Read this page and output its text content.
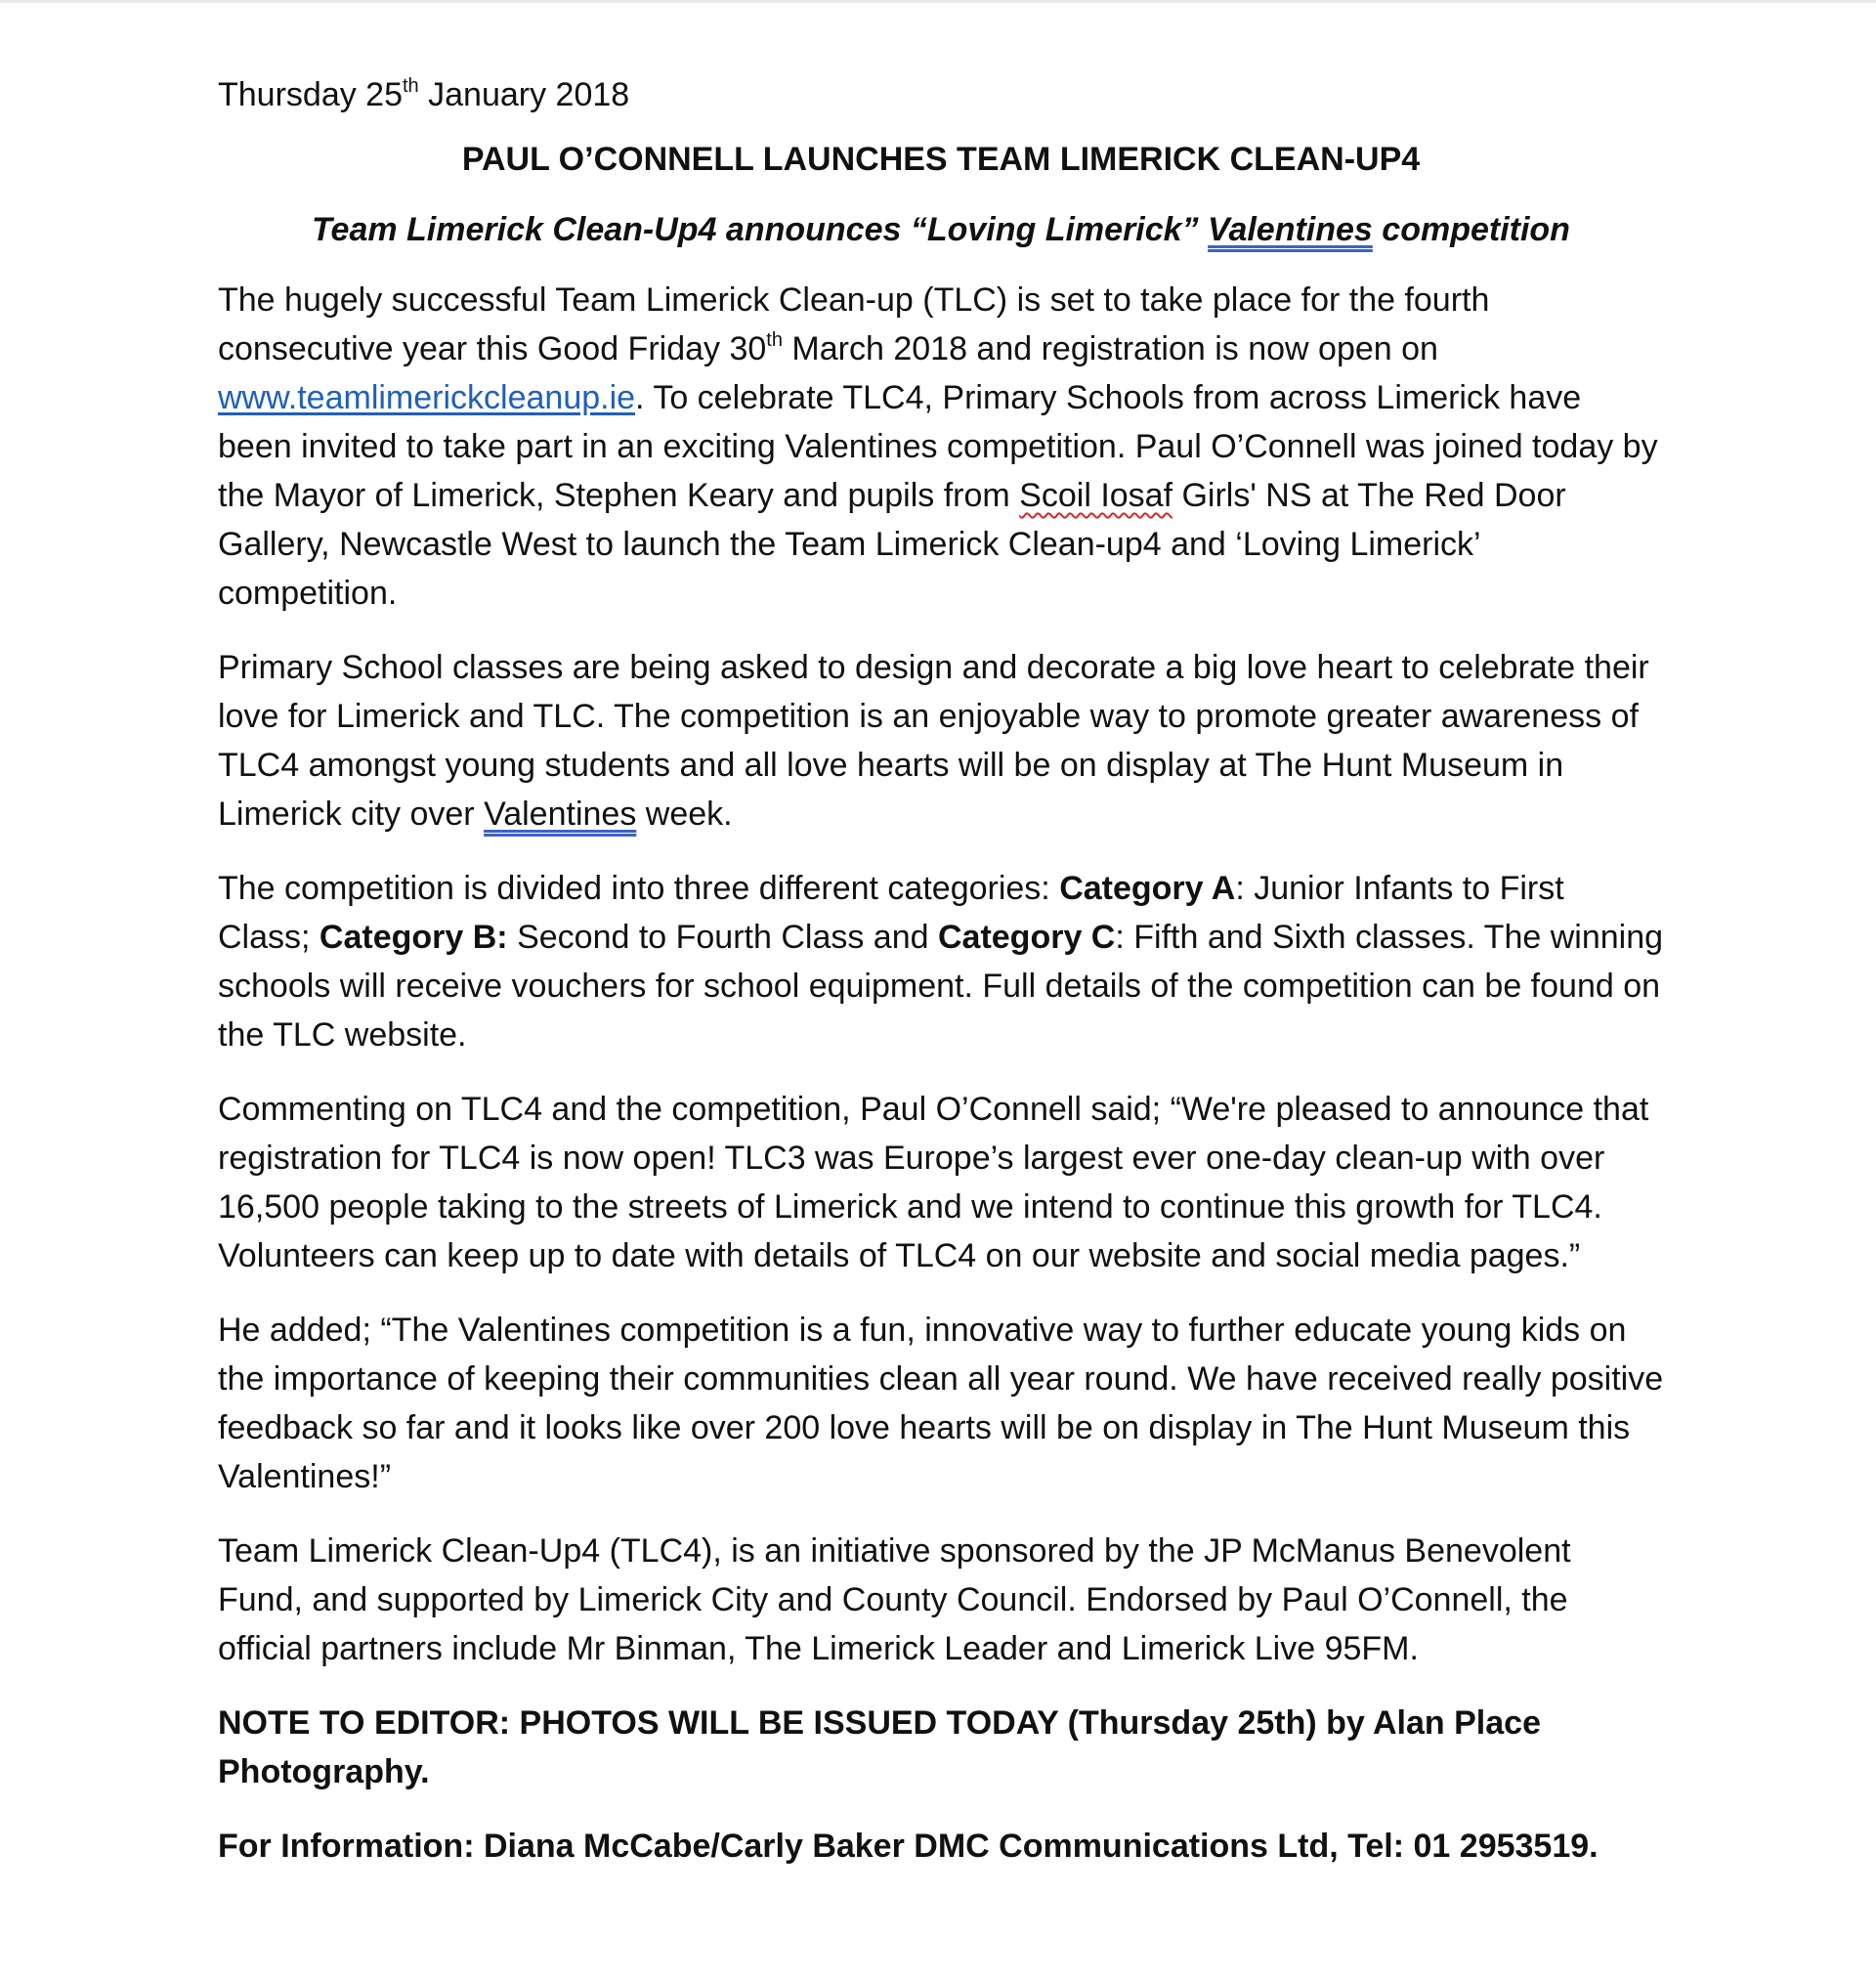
Thursday 25th January 2018

PAUL O’CONNELL LAUNCHES TEAM LIMERICK CLEAN-UP4

Team Limerick Clean-Up4 announces “Loving Limerick” Valentines competition

The hugely successful Team Limerick Clean-up (TLC) is set to take place for the fourth consecutive year this Good Friday 30th March 2018 and registration is now open on www.teamlimerickcleanup.ie. To celebrate TLC4, Primary Schools from across Limerick have been invited to take part in an exciting Valentines competition. Paul O’Connell was joined today by the Mayor of Limerick, Stephen Keary and pupils from Scoil Iosaf Girls' NS at The Red Door Gallery, Newcastle West to launch the Team Limerick Clean-up4 and ‘Loving Limerick’ competition.

Primary School classes are being asked to design and decorate a big love heart to celebrate their love for Limerick and TLC. The competition is an enjoyable way to promote greater awareness of TLC4 amongst young students and all love hearts will be on display at The Hunt Museum in Limerick city over Valentines week.

The competition is divided into three different categories: Category A: Junior Infants to First Class; Category B: Second to Fourth Class and Category C: Fifth and Sixth classes. The winning schools will receive vouchers for school equipment. Full details of the competition can be found on the TLC website.

Commenting on TLC4 and the competition, Paul O’Connell said; “We're pleased to announce that registration for TLC4 is now open! TLC3 was Europe’s largest ever one-day clean-up with over 16,500 people taking to the streets of Limerick and we intend to continue this growth for TLC4. Volunteers can keep up to date with details of TLC4 on our website and social media pages.”

He added; “The Valentines competition is a fun, innovative way to further educate young kids on the importance of keeping their communities clean all year round. We have received really positive feedback so far and it looks like over 200 love hearts will be on display in The Hunt Museum this Valentines!”

Team Limerick Clean-Up4 (TLC4), is an initiative sponsored by the JP McManus Benevolent Fund, and supported by Limerick City and County Council. Endorsed by Paul O’Connell, the official partners include Mr Binman, The Limerick Leader and Limerick Live 95FM.

NOTE TO EDITOR: PHOTOS WILL BE ISSUED TODAY (Thursday 25th) by Alan Place Photography.

For Information: Diana McCabe/Carly Baker DMC Communications Ltd, Tel: 01 2953519.
